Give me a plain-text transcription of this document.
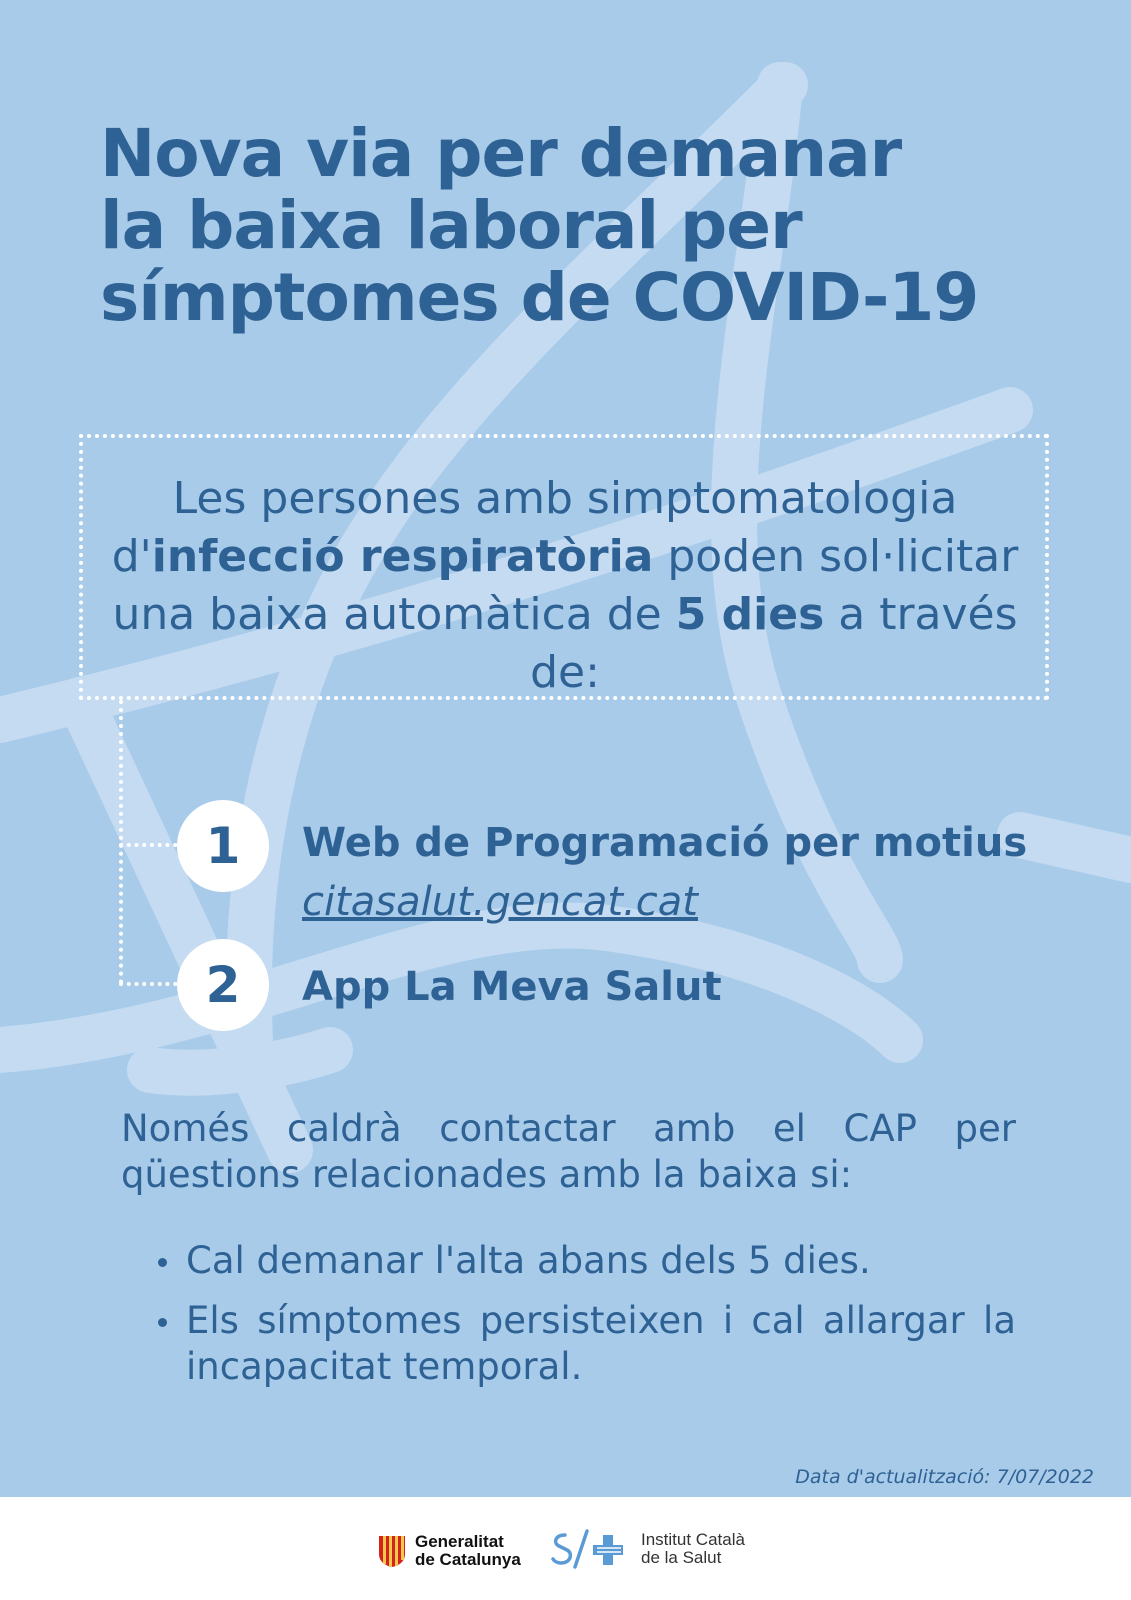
Nova via per demanar
la baixa laboral per
símptomes de COVID-19

Les persones amb simptomatologia d'infecció respiratòria poden sol·licitar una baixa automàtica de 5 dies a través de:

1	Web de Programació per motius
citasalut.gencat.cat
2	App La Meva Salut
Només caldrà contactar amb el CAP per
qüestions relacionades amb la baixa si:
Cal demanar l'alta abans dels 5 dies.
Els símptomes persisteixen i cal allargar la incapacitat temporal.
Data d'actualització: 7/07/2022
Generalitat
de Catalunya
Institut Català
de la Salut
